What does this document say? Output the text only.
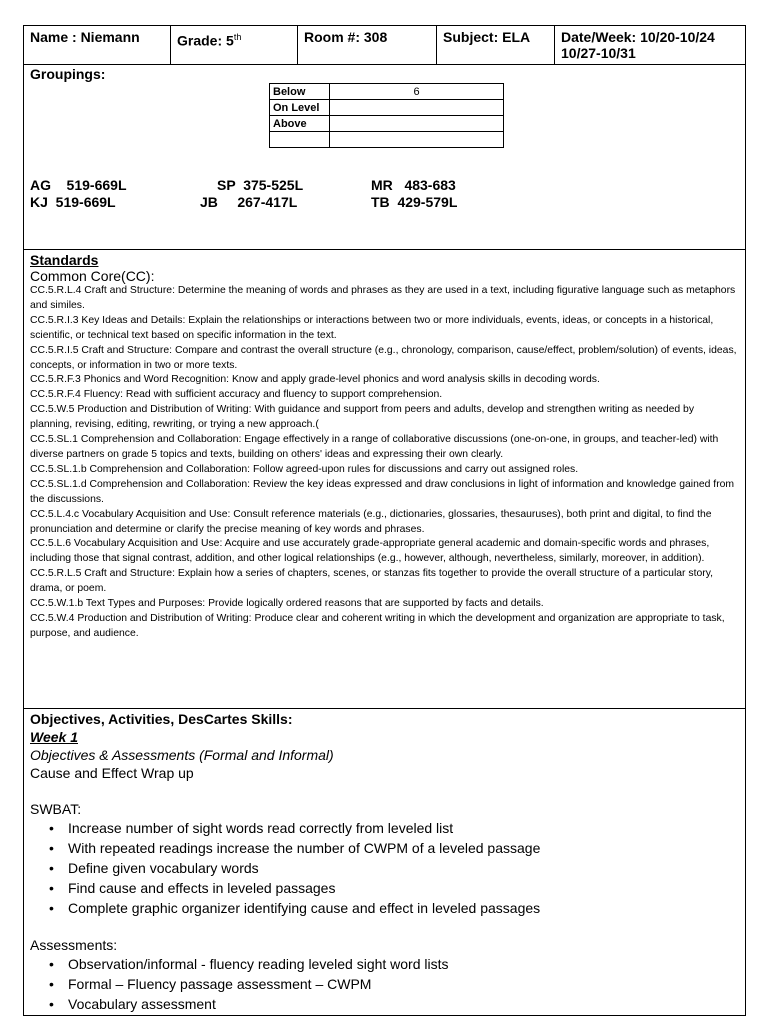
Name : Niemann	Grade: 5th	Room #: 308	Subject: ELA	Date/Week: 10/20-10/24
10/27-10/31
Groupings:
Below	6
On Level	
Above	

AG    519-669L	SP  375-525L	MR   483-683
KJ  519-669L	JB     267-417L	TB  429-579L
Standards
Common Core(CC):
CC.5.R.L.4 Craft and Structure: Determine the meaning of words and phrases as they are used in a text, including figurative language such as metaphors and similes.
CC.5.R.I.3 Key Ideas and Details: Explain the relationships or interactions between two or more individuals, events, ideas, or concepts in a historical, scientific, or technical text based on specific information in the text.
CC.5.R.I.5 Craft and Structure: Compare and contrast the overall structure (e.g., chronology, comparison, cause/effect, problem/solution) of events, ideas, concepts, or information in two or more texts.
CC.5.R.F.3 Phonics and Word Recognition: Know and apply grade-level phonics and word analysis skills in decoding words.
CC.5.R.F.4 Fluency: Read with sufficient accuracy and fluency to support comprehension.
CC.5.W.5 Production and Distribution of Writing: With guidance and support from peers and adults, develop and strengthen writing as needed by planning, revising, editing, rewriting, or trying a new approach.(
CC.5.SL.1 Comprehension and Collaboration: Engage effectively in a range of collaborative discussions (one-on-one, in groups, and teacher-led) with diverse partners on grade 5 topics and texts, building on others' ideas and expressing their own clearly.
CC.5.SL.1.b Comprehension and Collaboration: Follow agreed-upon rules for discussions and carry out assigned roles.
CC.5.SL.1.d Comprehension and Collaboration: Review the key ideas expressed and draw conclusions in light of information and knowledge gained from the discussions.
CC.5.L.4.c Vocabulary Acquisition and Use: Consult reference materials (e.g., dictionaries, glossaries, thesauruses), both print and digital, to find the pronunciation and determine or clarify the precise meaning of key words and phrases.
CC.5.L.6 Vocabulary Acquisition and Use: Acquire and use accurately grade-appropriate general academic and domain-specific words and phrases, including those that signal contrast, addition, and other logical relationships (e.g., however, although, nevertheless, similarly, moreover, in addition).
CC.5.R.L.5 Craft and Structure: Explain how a series of chapters, scenes, or stanzas fits together to provide the overall structure of a particular story, drama, or poem.
CC.5.W.1.b Text Types and Purposes: Provide logically ordered reasons that are supported by facts and details.
CC.5.W.4 Production and Distribution of Writing: Produce clear and coherent writing in which the development and organization are appropriate to task, purpose, and audience.
Objectives, Activities, DesCartes Skills:
Week 1
Objectives & Assessments (Formal and Informal)
Cause and Effect Wrap up
SWBAT:
• Increase number of sight words read correctly from leveled list
• With repeated readings increase the number of CWPM of a leveled passage
• Define given vocabulary words
• Find cause and effects in leveled passages
• Complete graphic organizer identifying cause and effect in leveled passages
Assessments:
• Observation/informal - fluency reading leveled sight word lists
• Formal – Fluency passage assessment – CWPM
• Vocabulary assessment
